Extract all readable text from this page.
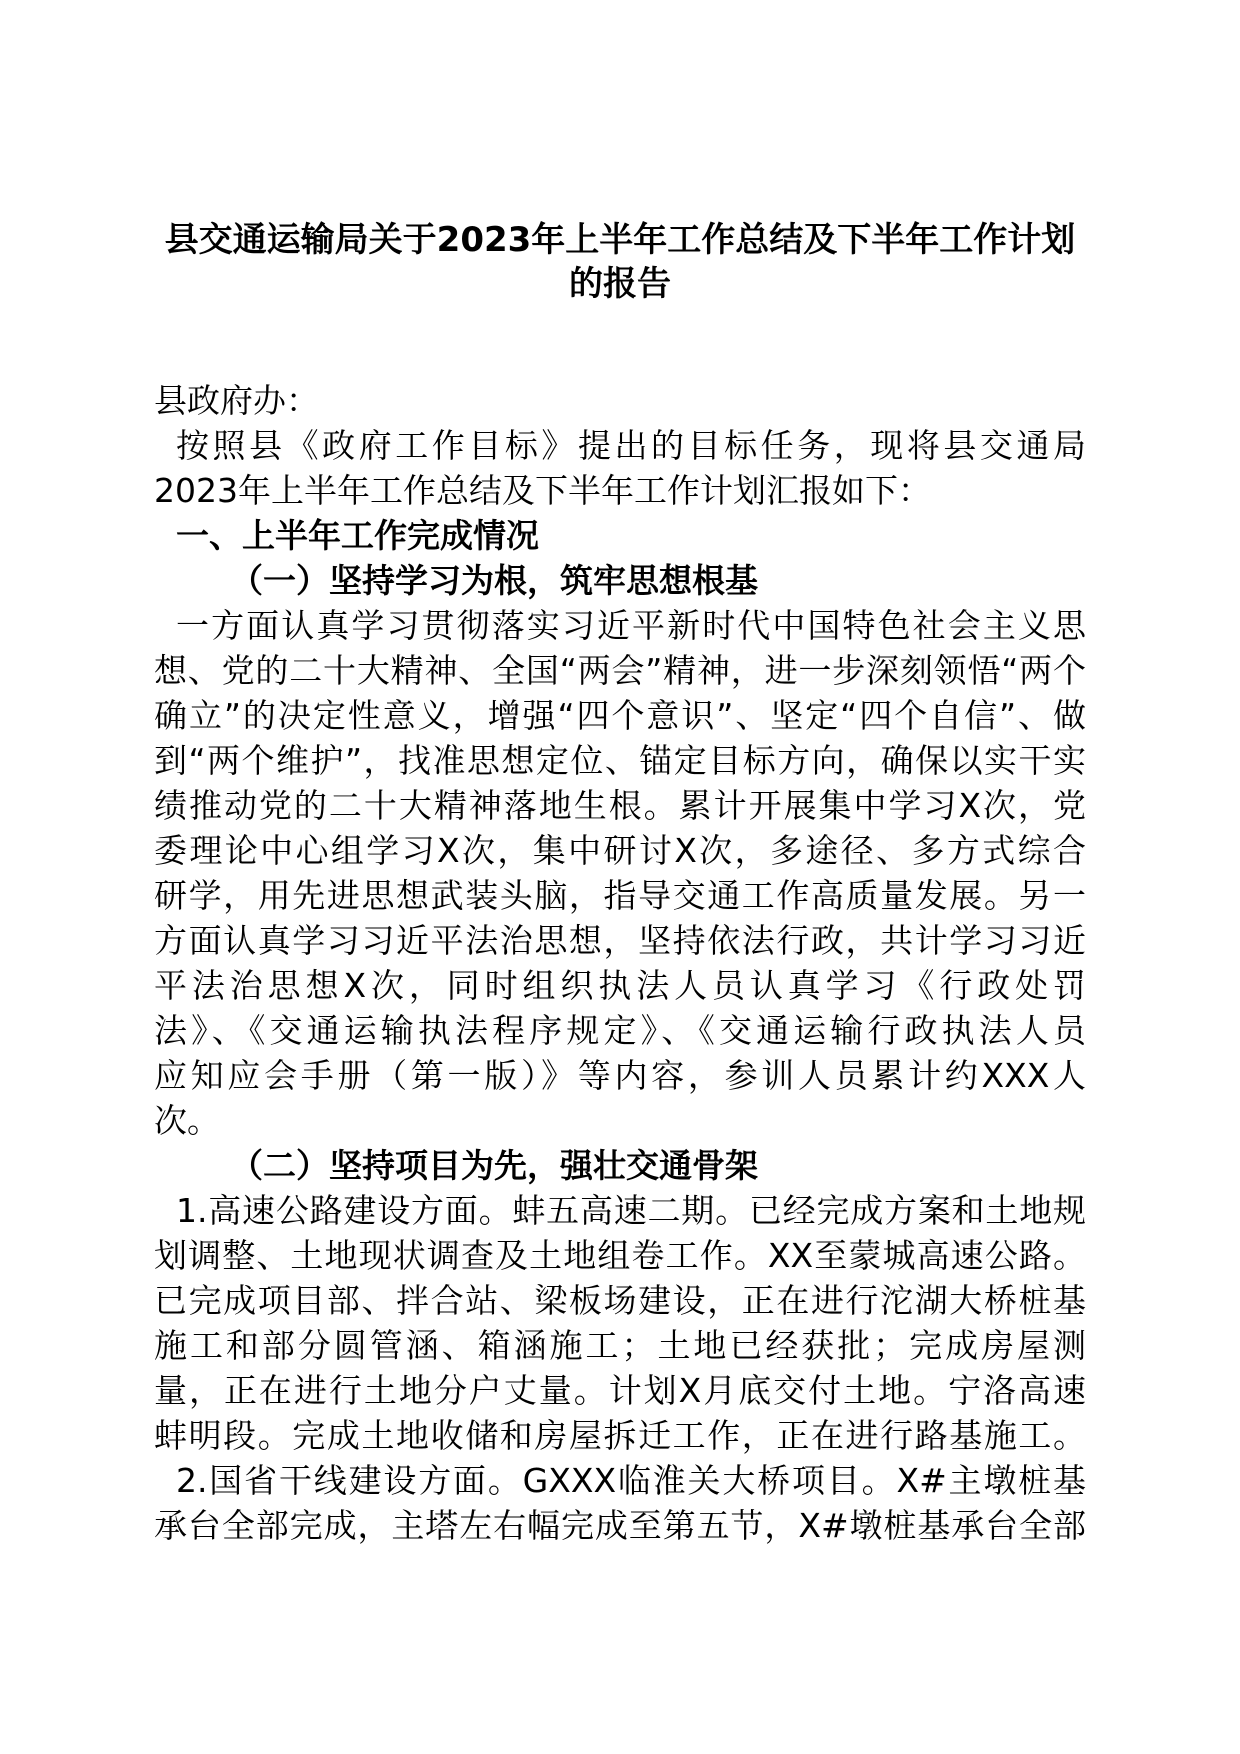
县交通运输局关于2023年上半年工作总结及下半年工作计划
的报告
县政府办：
按照县《政府工作目标》提出的目标任务，现将县交通局
2023年上半年工作总结及下半年工作计划汇报如下：
一、上半年工作完成情况
（一）坚持学习为根，筑牢思想根基
一方面认真学习贯彻落实习近平新时代中国特色社会主义思
想、党的二十大精神、全国“两会”精神，进一步深刻领悟“两个
确立”的决定性意义，增强“四个意识”、坚定“四个自信”、做
到“两个维护”，找准思想定位、锚定目标方向，确保以实干实
绩推动党的二十大精神落地生根。累计开展集中学习X次，党
委理论中心组学习X次，集中研讨X次，多途径、多方式综合
研学，用先进思想武装头脑，指导交通工作高质量发展。另一
方面认真学习习近平法治思想，坚持依法行政，共计学习习近
平法治思想X次，同时组织执法人员认真学习《行政处罚
法》、《交通运输执法程序规定》、《交通运输行政执法人员
应知应会手册（第一版）》等内容，参训人员累计约XXX人
次。
（二）坚持项目为先，强壮交通骨架
1.高速公路建设方面。蚌五高速二期。已经完成方案和土地规
划调整、土地现状调查及土地组卷工作。XX至蒙城高速公路。
已完成项目部、拌合站、梁板场建设，正在进行沱湖大桥桩基
施工和部分圆管涵、箱涵施工；土地已经获批；完成房屋测
量，正在进行土地分户丈量。计划X月底交付土地。宁洛高速
蚌明段。完成土地收储和房屋拆迁工作，正在进行路基施工。
2.国省干线建设方面。GXXX临淮关大桥项目。X#主墩桩基
承台全部完成，主塔左右幅完成至第五节，X#墩桩基承台全部
